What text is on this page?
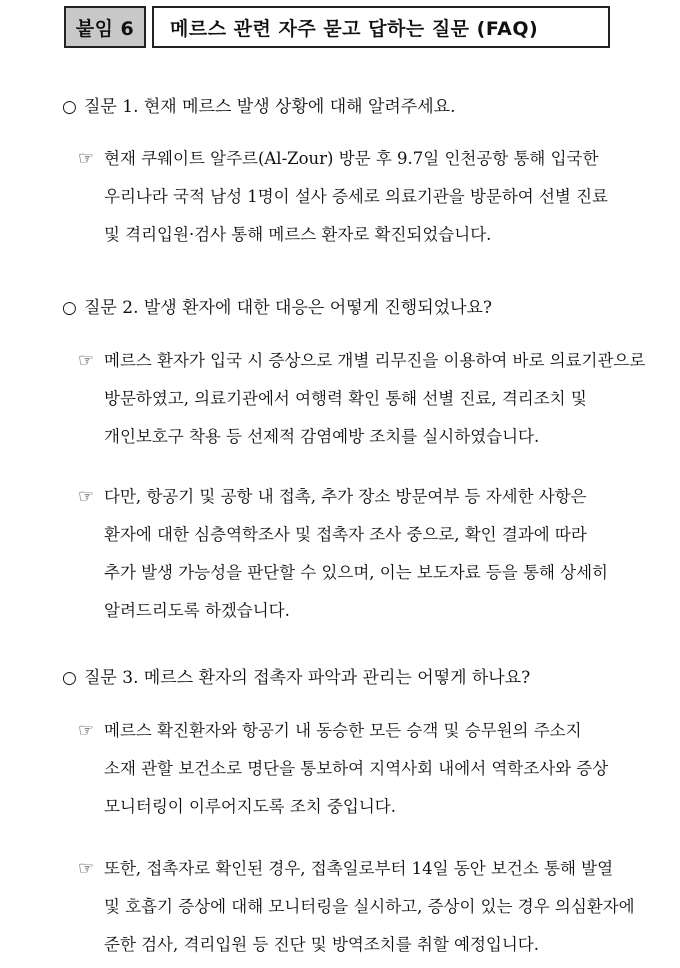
붙임 6	메르스 관련 자주 묻고 답하는 질문 (FAQ)
○ 질문 1. 현재 메르스 발생 상황에 대해 알려주세요.
☞ 현재 쿠웨이트 알주르(Al-Zour) 방문 후 9.7일 인천공항 통해 입국한
우리나라 국적 남성 1명이 설사 증세로 의료기관을 방문하여 선별 진료
및 격리입원·검사 통해 메르스 환자로 확진되었습니다.
○ 질문 2. 발생 환자에 대한 대응은 어떻게 진행되었나요?
☞ 메르스 환자가 입국 시 증상으로 개별 리무진을 이용하여 바로 의료기관으로
방문하였고, 의료기관에서 여행력 확인 통해 선별 진료, 격리조치 및
개인보호구 착용 등 선제적 감염예방 조치를 실시하였습니다.
☞ 다만, 항공기 및 공항 내 접촉, 추가 장소 방문여부 등 자세한 사항은
환자에 대한 심층역학조사 및 접촉자 조사 중으로, 확인 결과에 따라
추가 발생 가능성을 판단할 수 있으며, 이는 보도자료 등을 통해 상세히
알려드리도록 하겠습니다.
○ 질문 3. 메르스 환자의 접촉자 파악과 관리는 어떻게 하나요?
☞ 메르스 확진환자와 항공기 내 동승한 모든 승객 및 승무원의 주소지
소재 관할 보건소로 명단을 통보하여 지역사회 내에서 역학조사와 증상
모니터링이 이루어지도록 조치 중입니다.
☞ 또한, 접촉자로 확인된 경우, 접촉일로부터 14일 동안 보건소 통해 발열
및 호흡기 증상에 대해 모니터링을 실시하고, 증상이 있는 경우 의심환자에
준한 검사, 격리입원 등 진단 및 방역조치를 취할 예정입니다.
